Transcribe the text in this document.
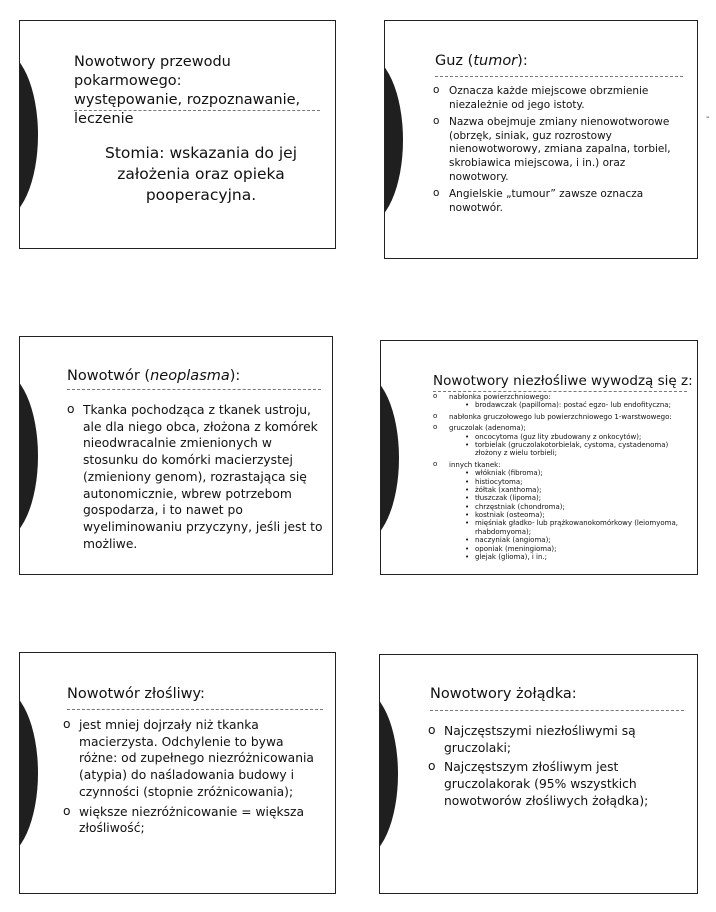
Nowotwory przewodu pokarmowego:
występowanie, rozpoznawanie,
leczenie
Stomia: wskazania do jej
założenia oraz opieka
pooperacyjna.
Guz (tumor):
o Oznacza każde miejscowe obrzmienie niezależnie od jego istoty.
o Nazwa obejmuje zmiany nienowotworowe (obrzęk, siniak, guz rozrostowy nienowotworowy, zmiana zapalna, torbiel, skrobiawica miejscowa, i in.) oraz nowotwory.
o Angielskie „tumour” zawsze oznacza nowotwór.
-
Nowotwór (neoplasma):
o Tkanka pochodząca z tkanek ustroju, ale dla niego obca, złożona z komórek nieodwracalnie zmienionych w stosunku do komórki macierzystej (zmieniony genom), rozrastająca się autonomicznie, wbrew potrzebom gospodarza, i to nawet po wyeliminowaniu przyczyny, jeśli jest to możliwe.
Nowotwory niezłośliwe wywodzą się z:
o nabłonka powierzchniowego:
• brodawczak (papilloma): postać egzo- lub endofityczna;
o nabłonka gruczołowego lub powierzchniowego 1-warstwowego:
o gruczolak (adenoma);
• oncocytoma (guz lity zbudowany z onkocytów);
• torbielak (gruczolakotorbielak, cystoma, cystadenoma) złożony z wielu torbieli;
o innych tkanek:
• włókniak (fibroma);
• histiocytoma;
• żółtak (xanthoma);
• tłuszczak (lipoma);
• chrzęstniak (chondroma);
• kostniak (osteoma);
• mięśniak gładko- lub prążkowanokomórkowy (leiomyoma, rhabdomyoma);
• naczyniak (angioma);
• oponiak (meningioma);
• glejak (glioma), i in.;
Nowotwór złośliwy:
o jest mniej dojrzały niż tkanka macierzysta. Odchylenie to bywa różne: od zupełnego niezróżnicowania (atypia) do naśladowania budowy i czynności (stopnie zróżnicowania);
o większe niezróżnicowanie = większa złośliwość;
Nowotwory żołądka:
o Najczęstszymi niezłośliwymi są gruczolaki;
o Najczęstszym złośliwym jest gruczolakorak (95% wszystkich nowotworów złośliwych żołądka);
